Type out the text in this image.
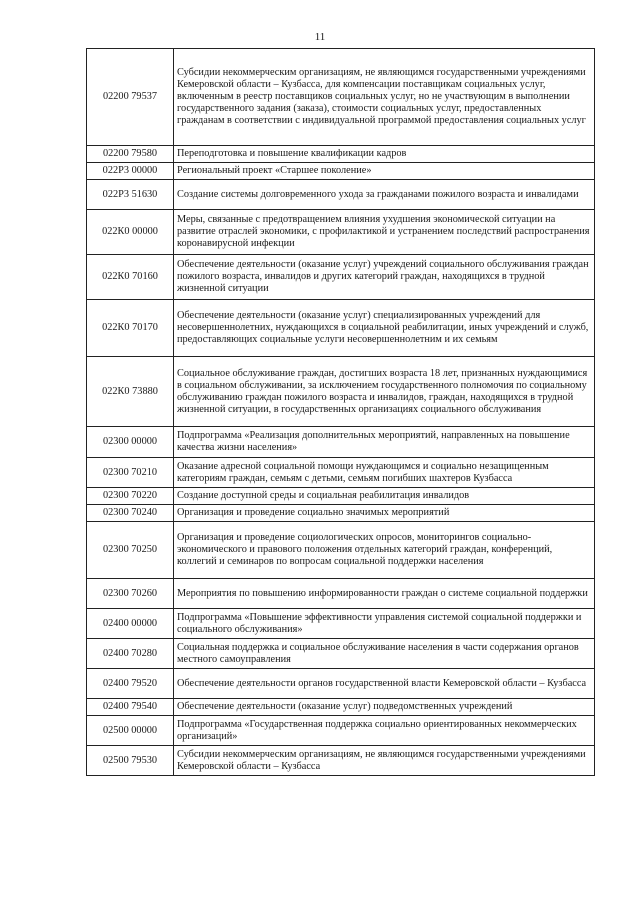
11
02200 79537	Субсидии некоммерческим организациям, не являющимся государственными учреждениями Кемеровской области – Кузбасса, для компенсации поставщикам социальных услуг, включенным в реестр поставщиков социальных услуг, но не участвующим в выполнении государственного задания (заказа), стоимости социальных услуг, предоставленных гражданам в соответствии с индивидуальной программой предоставления социальных услуг
02200 79580	Переподготовка и повышение квалификации кадров
022Р3 00000	Региональный проект «Старшее поколение»
022Р3 51630	Создание системы долговременного ухода за гражданами пожилого возраста и инвалидами
022К0 00000	Меры, связанные с предотвращением влияния ухудшения экономической ситуации на развитие отраслей экономики, с профилактикой и устранением последствий распространения коронавирусной инфекции
022К0 70160	Обеспечение деятельности (оказание услуг) учреждений социального обслуживания граждан пожилого возраста, инвалидов и других категорий граждан, находящихся в трудной жизненной ситуации
022К0 70170	Обеспечение деятельности (оказание услуг) специализированных учреждений для несовершеннолетних, нуждающихся в социальной реабилитации, иных учреждений и служб, предоставляющих социальные услуги несовершеннолетним и их семьям
022К0 73880	Социальное обслуживание граждан, достигших возраста 18 лет, признанных нуждающимися в социальном обслуживании, за исключением государственного полномочия по социальному обслуживанию граждан пожилого возраста и инвалидов, граждан, находящихся в трудной жизненной ситуации, в государственных организациях социального обслуживания
02300 00000	Подпрограмма «Реализация дополнительных мероприятий, направленных на повышение качества жизни населения»
02300 70210	Оказание адресной социальной помощи нуждающимся и социально незащищенным категориям граждан, семьям с детьми, семьям погибших шахтеров Кузбасса
02300 70220	Создание доступной среды и социальная реабилитация инвалидов
02300 70240	Организация и проведение социально значимых мероприятий
02300 70250	Организация и проведение социологических опросов, мониторингов социально-экономического и правового положения отдельных категорий граждан, конференций, коллегий и семинаров по вопросам социальной поддержки населения
02300 70260	Мероприятия по повышению информированности граждан о системе социальной поддержки
02400 00000	Подпрограмма «Повышение эффективности управления системой социальной поддержки и социального обслуживания»
02400 70280	Социальная поддержка и социальное обслуживание населения в части содержания органов местного самоуправления
02400 79520	Обеспечение деятельности органов государственной власти Кемеровской области – Кузбасса
02400 79540	Обеспечение деятельности (оказание услуг) подведомственных учреждений
02500 00000	Подпрограмма «Государственная поддержка социально ориентированных некоммерческих организаций»
02500 79530	Субсидии некоммерческим организациям, не являющимся государственными учреждениями Кемеровской области – Кузбасса
